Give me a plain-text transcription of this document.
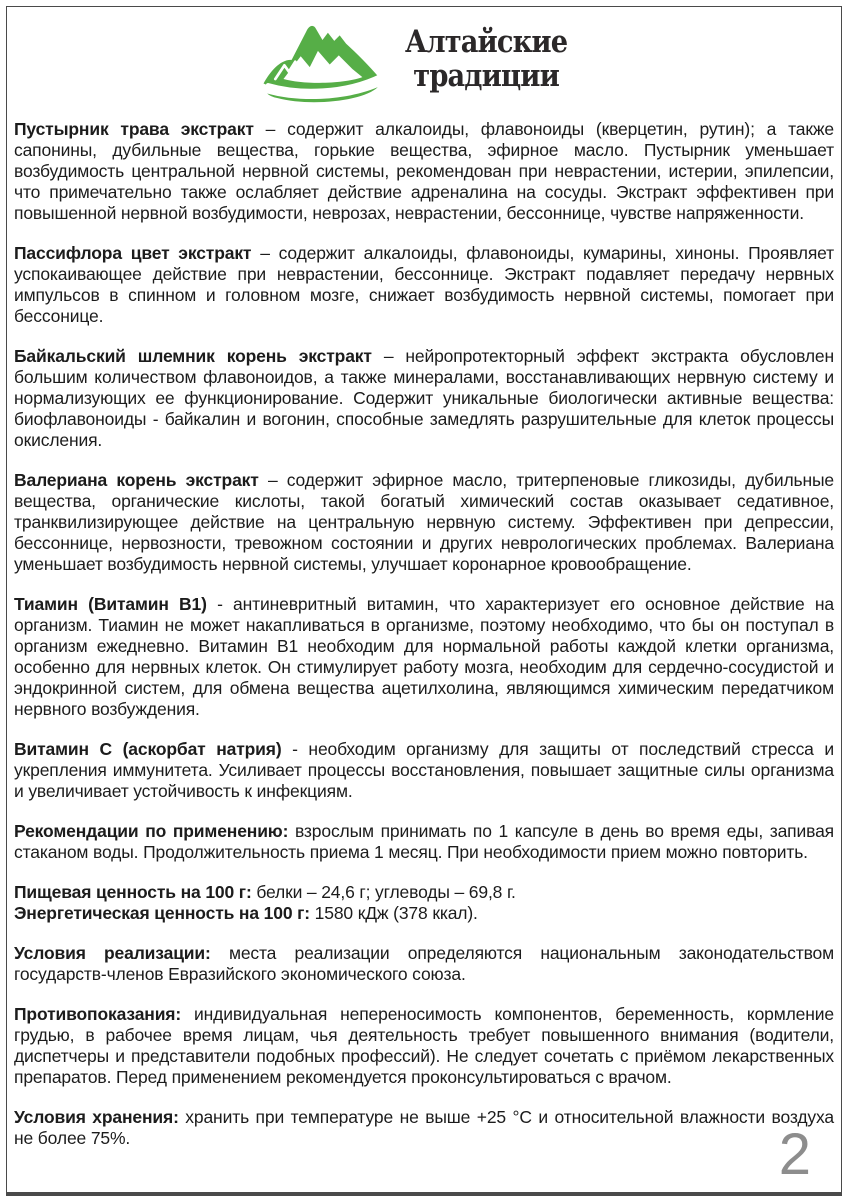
Алтайские
традиции

Пустырник трава экстракт – содержит алкалоиды, флавоноиды (кверцетин, рутин); а также сапонины, дубильные вещества, горькие вещества, эфирное масло. Пустырник уменьшает возбудимость центральной нервной системы, рекомендован при неврастении, истерии, эпилепсии, что примечательно также ослабляет действие адреналина на сосуды. Экстракт эффективен при повышенной нервной возбудимости, неврозах, неврастении, бессоннице, чувстве напряженности.

Пассифлора цвет экстракт – содержит алкалоиды, флавоноиды, кумарины, хиноны. Проявляет успокаивающее действие при неврастении, бессоннице. Экстракт подавляет передачу нервных импульсов в спинном и головном мозге, снижает возбудимость нервной системы, помогает при бессонице.

Байкальский шлемник корень экстракт – нейропротекторный эффект экстракта обусловлен большим количеством флавоноидов, а также минералами, восстанавливающих нервную систему и нормализующих ее функционирование. Содержит уникальные биологически активные вещества: биофлавоноиды - байкалин и вогонин, способные замедлять разрушительные для клеток процессы окисления.

Валериана корень экстракт – содержит эфирное масло, тритерпеновые гликозиды, дубильные вещества, органические кислоты, такой богатый химический состав оказывает седативное, транквилизирующее действие на центральную нервную систему. Эффективен при депрессии, бессоннице, нервозности, тревожном состоянии и других неврологических проблемах. Валериана уменьшает возбудимость нервной системы, улучшает коронарное кровообращение.

Тиамин (Витамин В1) - антиневритный витамин, что характеризует его основное действие на организм. Тиамин не может накапливаться в организме, поэтому необходимо, что бы он поступал в организм ежедневно. Витамин В1 необходим для нормальной работы каждой клетки организма, особенно для нервных клеток. Он стимулирует работу мозга, необходим для сердечно-сосудистой и эндокринной систем, для обмена вещества ацетилхолина, являющимся химическим передатчиком нервного возбуждения.

Витамин С (аскорбат натрия) - необходим организму для защиты от последствий стресса и укрепления иммунитета. Усиливает процессы восстановления, повышает защитные силы организма и увеличивает устойчивость к инфекциям.

Рекомендации по применению: взрослым принимать по 1 капсуле в день во время еды, запивая стаканом воды. Продолжительность приема 1 месяц. При необходимости прием можно повторить.

Пищевая ценность на 100 г: белки – 24,6 г; углеводы – 69,8 г.

Энергетическая ценность на 100 г: 1580 кДж (378 ккал).

Условия реализации: места реализации определяются национальным законодательством государств-членов Евразийского экономического союза.

Противопоказания: индивидуальная непереносимость компонентов, беременность, кормление грудью, в рабочее время лицам, чья деятельность требует повышенного внимания (водители, диспетчеры и представители подобных профессий). Не следует сочетать с приёмом лекарственных препаратов. Перед применением рекомендуется проконсультироваться с врачом.

Условия хранения: хранить при температуре не выше +25 °С и относительной влажности воздуха не более 75%.	2
